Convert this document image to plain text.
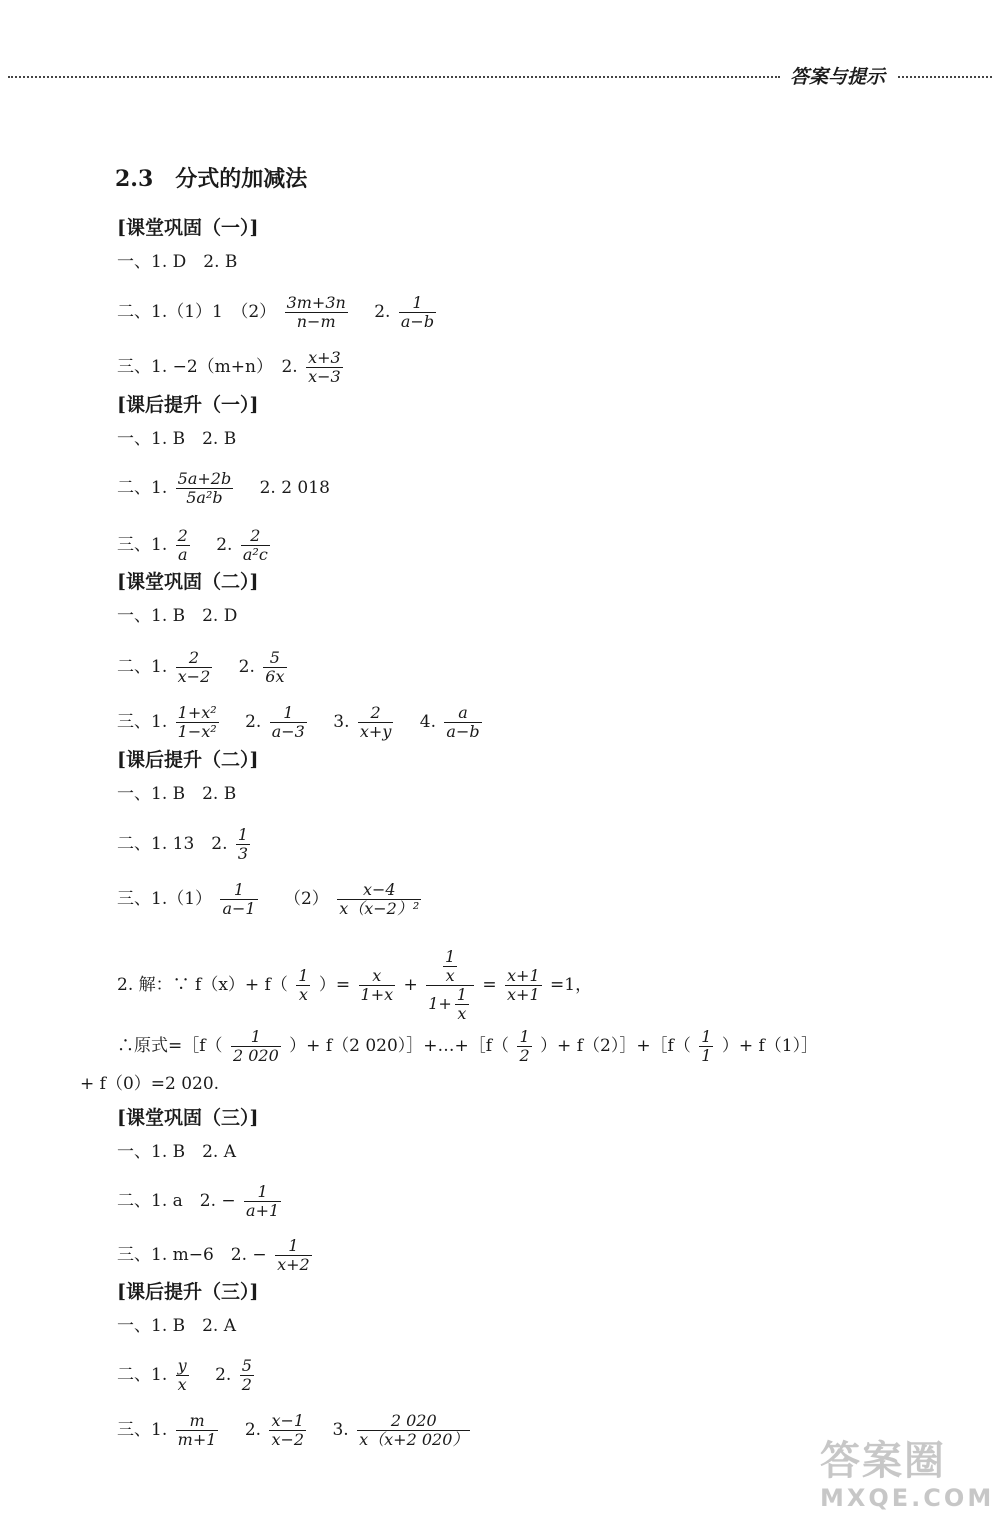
答案与提示
2.3　分式的加减法
[课堂巩固（一）]
一、1. D　2. B
二、1.（1）1　$(2) \frac{3m+3n}{n-m} 2$. $\frac{1}{a-b}$
三、1. −2（m+n）　2. $\frac{x+3}{x-3}$
[课后提升（一）]
一、1. B　2. B
二、1. $\frac{5a+2b}{\text{5a²b}} 2$. 2 018
三、1. $\frac{2}{a} 2$. $\frac{2}{\text{a²c}}$
[课堂巩固（二）]
一、1. B　2. D
二、1. $\frac{2}{x-2} 2$. $\frac{5}{6x}$
三、1. $\frac{\text{1+x²}}{\text{1−x²}} 2$. $\frac{1}{a-3} 3$. $\frac{2}{x+y} 4$. $\frac{a}{a-b}$
[课后提升（二）]
一、1. B　2. B
二、1. 13　2. $\frac{1}{3}$
三、$1.(1) \frac{1}{a-1} (2) \frac{x-4}{\text{x（x−2）²}}$
2. 解：∵ $f(x)+ f( \frac{1}{x}$ ）= $\frac{x}{1+x} + \frac{\frac{1}{x}}{1+ \frac{1}{x}} = \frac{x+1}{x+1} =1$，
∴原式=［f（ $\frac{1}{2 020}$ ）+ f（2 020）］+…+［f（ $\frac{1}{2}$ ）+ f（2）］+［f（ $\frac{1}{1}$ ）+ f（1）］
+ f（0）=2 020.
[课堂巩固（三）]
一、1. B　2. A
二、1. a　2. − $\frac{1}{a+1}$
三、1. m−6　2. − $\frac{1}{x+2}$
[课后提升（三）]
一、1. B　2. A
二、1. $\frac{y}{x} 2$. $\frac{5}{2}$
三、1. $\frac{m}{m+1} 2$. $\frac{x-1}{x-2} 3$. $\frac{2 020}{x(x+2 020)}$
答案圈
MXQE.COM
